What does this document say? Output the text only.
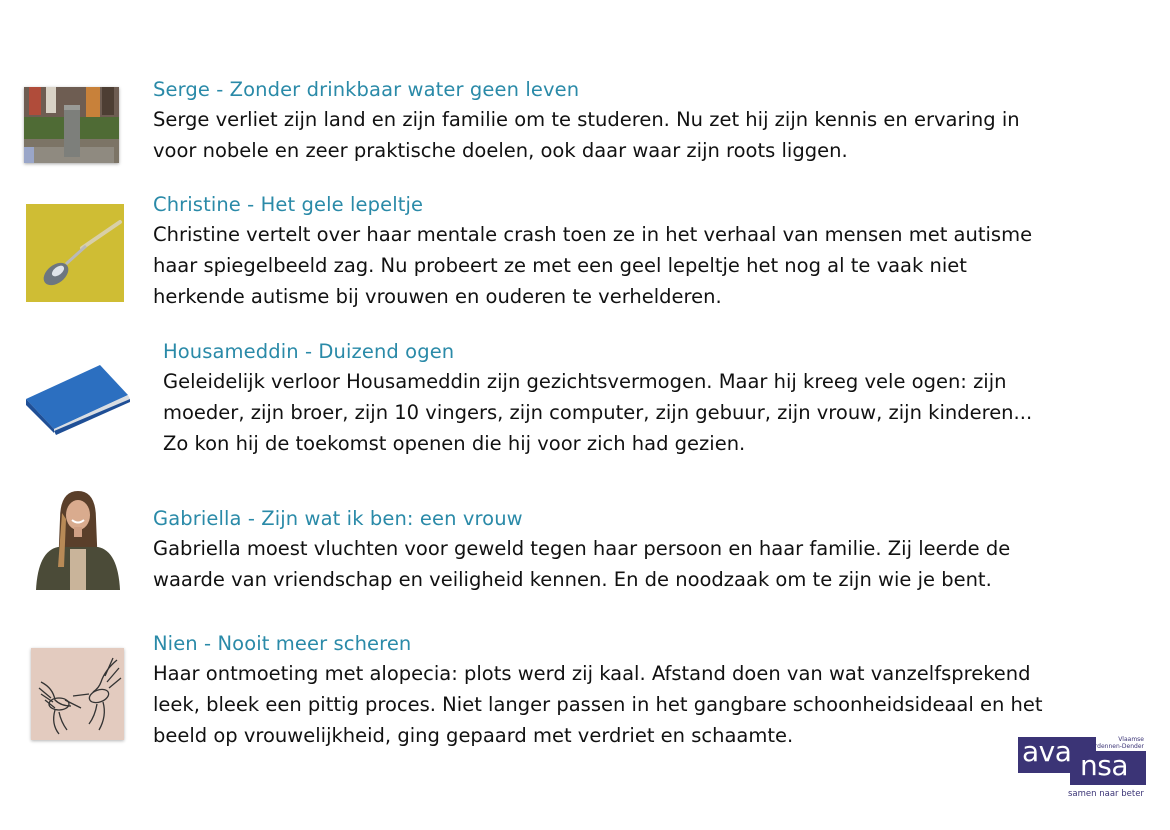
Serge - Zonder drinkbaar water geen leven
Serge verliet zijn land en zijn familie om te studeren. Nu zet hij zijn kennis en ervaring in
voor nobele en zeer praktische doelen, ook daar waar zijn roots liggen.
Christine - Het gele lepeltje
Christine vertelt over haar mentale crash toen ze in het verhaal van mensen met autisme
haar spiegelbeeld zag. Nu probeert ze met een geel lepeltje het nog al te vaak niet
herkende autisme bij vrouwen en ouderen te verhelderen.
Housameddin - Duizend ogen
Geleidelijk verloor Housameddin zijn gezichtsvermogen. Maar hij kreeg vele ogen: zijn
moeder, zijn broer, zijn 10 vingers, zijn computer, zijn gebuur, zijn vrouw, zijn kinderen...
Zo kon hij de toekomst openen die hij voor zich had gezien.
Gabriella - Zijn wat ik ben: een vrouw
Gabriella moest vluchten voor geweld tegen haar persoon en haar familie. Zij leerde de
waarde van vriendschap en veiligheid kennen. En de noodzaak om te zijn wie je bent.
Nien - Nooit meer scheren
Haar ontmoeting met alopecia: plots werd zij kaal. Afstand doen van wat vanzelfsprekend
leek, bleek een pittig proces. Niet langer passen in het gangbare schoonheidsideaal en het
beeld op vrouwelijkheid, ging gepaard met verdriet en schaamte.	ava nsa
Vlaamse
Ardennen-Dender
samen naar beter
